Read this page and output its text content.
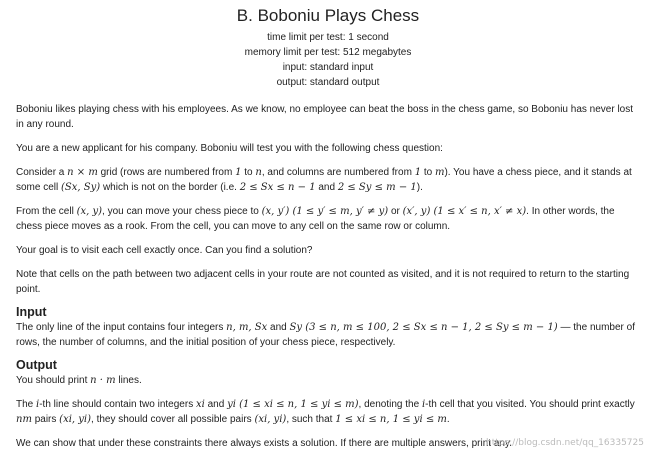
B. Boboniu Plays Chess
time limit per test: 1 second
memory limit per test: 512 megabytes
input: standard input
output: standard output

Boboniu likes playing chess with his employees. As we know, no employee can beat the boss in the chess game, so Boboniu has never lost in any round.

You are a new applicant for his company. Boboniu will test you with the following chess question:

Consider a n × m grid (rows are numbered from 1 to n, and columns are numbered from 1 to m). You have a chess piece, and it stands at some cell (Sx, Sy) which is not on the border (i.e. 2 ≤ Sx ≤ n − 1 and 2 ≤ Sy ≤ m − 1).

From the cell (x, y), you can move your chess piece to (x, y′) (1 ≤ y′ ≤ m, y′ ≠ y) or (x′, y) (1 ≤ x′ ≤ n, x′ ≠ x). In other words, the chess piece moves as a rook. From the cell, you can move to any cell on the same row or column.

Your goal is to visit each cell exactly once. Can you find a solution?

Note that cells on the path between two adjacent cells in your route are not counted as visited, and it is not required to return to the starting point.

Input

The only line of the input contains four integers n, m, Sx and Sy (3 ≤ n, m ≤ 100, 2 ≤ Sx ≤ n − 1, 2 ≤ Sy ≤ m − 1) — the number of rows, the number of columns, and the initial position of your chess piece, respectively.

Output

You should print n · m lines.

The i-th line should contain two integers xi and yi (1 ≤ xi ≤ n, 1 ≤ yi ≤ m), denoting the i-th cell that you visited. You should print exactly nm pairs (xi, yi), they should cover all possible pairs (xi, yi), such that 1 ≤ xi ≤ n, 1 ≤ yi ≤ m.

We can show that under these constraints there always exists a solution. If there are multiple answers, print any.

https://blog.csdn.net/qq_16335725
